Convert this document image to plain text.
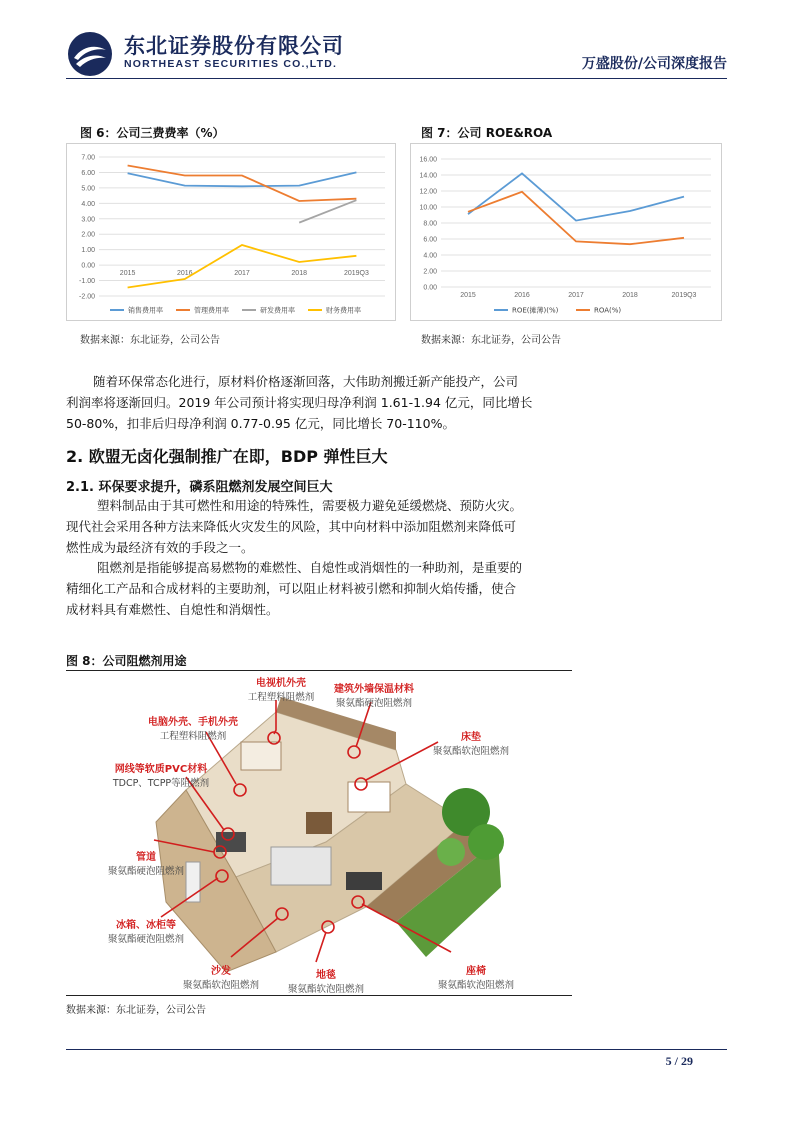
东北证券股份有限公司
NORTHEAST SECURITIES CO.,LTD.	万盛股份/公司深度报告
图 6：公司三费费率（%）
7.00
6.00
5.00
4.00
3.00
2.00
1.00
0.00
-1.00
-2.00
2015	2016	2017	2018	2019Q3
销售费用率	管理费用率	研发费用率	财务费用率
数据来源：东北证券，公司公告
图 7：公司 ROE&ROA
16.00
14.00
12.00
10.00
8.00
6.00
4.00
2.00
0.00
2015	2016	2017	2018	2019Q3
ROE(摊薄)(%)	ROA(%)
数据来源：东北证券，公司公告
随着环保常态化进行，原材料价格逐渐回落，大伟助剂搬迁新产能投产，公司
利润率将逐渐回归。2019 年公司预计将实现归母净利润 1.61-1.94 亿元，同比增长
50-80%，扣非后归母净利润 0.77-0.95 亿元，同比增长 70-110%。
2. 欧盟无卤化强制推广在即，BDP 弹性巨大
2.1. 环保要求提升，磷系阻燃剂发展空间巨大
塑料制品由于其可燃性和用途的特殊性，需要极力避免延缓燃烧、预防火灾。
现代社会采用各种方法来降低火灾发生的风险，其中向材料中添加阻燃剂来降低可
燃性成为最经济有效的手段之一。
阻燃剂是指能够提高易燃物的难燃性、自熄性或消烟性的一种助剂，是重要的
精细化工产品和合成材料的主要助剂，可以阻止材料被引燃和抑制火焰传播，使合
成材料具有难燃性、自熄性和消烟性。
图 8：公司阻燃剂用途
电视机外壳
工程塑料阻燃剂
建筑外墙保温材料
聚氨酯硬泡阻燃剂
电脑外壳、手机外壳
工程塑料阻燃剂	床垫
聚氨酯软泡阻燃剂
网线等软质PVC材料
TDCP、TCPP等阻燃剂
管道
聚氨酯硬泡阻燃剂
冰箱、冰柜等
聚氨酯硬泡阻燃剂
沙发
聚氨酯软泡阻燃剂
地毯
聚氨酯软泡阻燃剂
座椅
聚氨酯软泡阻燃剂
数据来源：东北证券，公司公告
5 / 29
